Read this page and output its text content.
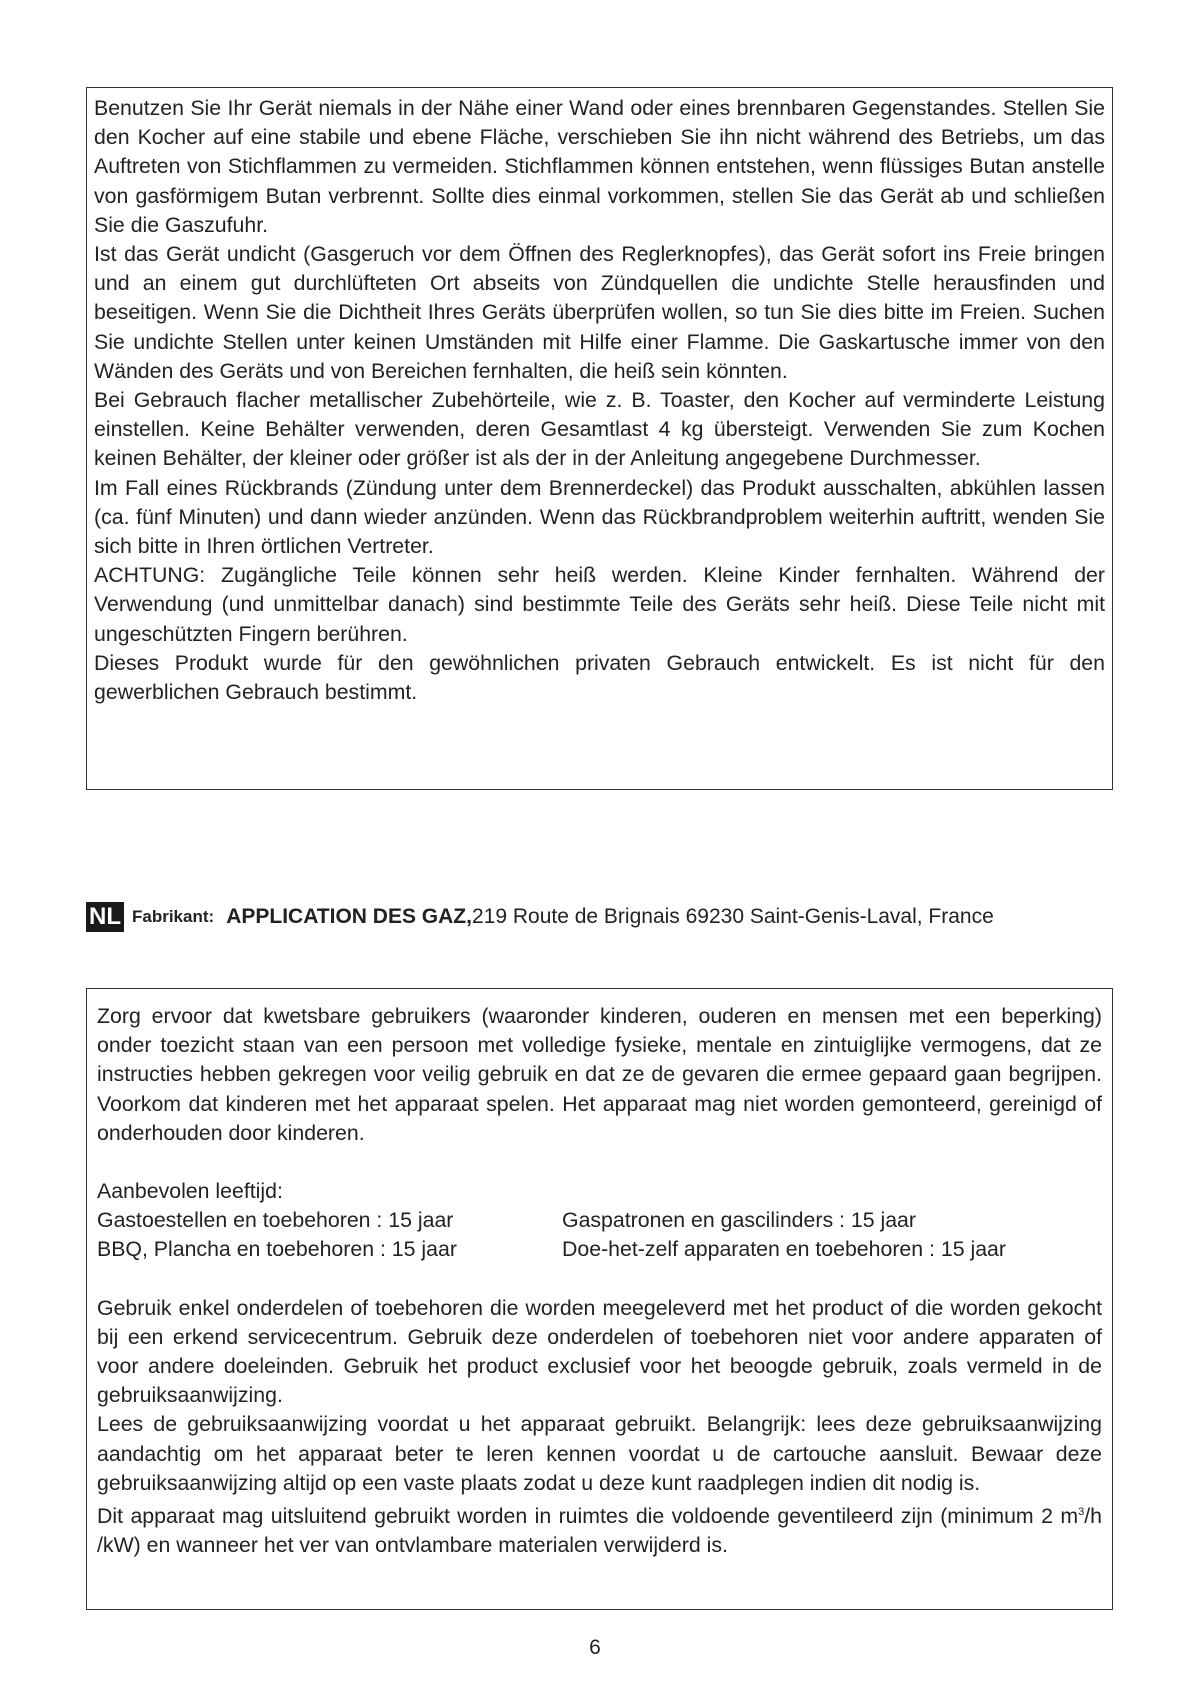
Benutzen Sie Ihr Gerät niemals in der Nähe einer Wand oder eines brennbaren Gegenstandes. Stellen Sie den Kocher auf eine stabile und ebene Fläche, verschieben Sie ihn nicht während des Betriebs, um das Auftreten von Stichflammen zu vermeiden. Stichflammen können entstehen, wenn flüssiges Butan anstelle von gasförmigem Butan verbrennt. Sollte dies einmal vorkommen, stellen Sie das Gerät ab und schließen Sie die Gaszufuhr.

Ist das Gerät undicht (Gasgeruch vor dem Öffnen des Reglerknopfes), das Gerät sofort ins Freie bringen und an einem gut durchlüfteten Ort abseits von Zündquellen die undichte Stelle herausfinden und beseitigen. Wenn Sie die Dichtheit Ihres Geräts überprüfen wollen, so tun Sie dies bitte im Freien. Suchen Sie undichte Stellen unter keinen Umständen mit Hilfe einer Flamme. Die Gaskartusche immer von den Wänden des Geräts und von Bereichen fernhalten, die heiß sein könnten.

Bei Gebrauch flacher metallischer Zubehörteile, wie z. B. Toaster, den Kocher auf verminderte Leistung einstellen. Keine Behälter verwenden, deren Gesamtlast 4 kg übersteigt. Verwenden Sie zum Kochen keinen Behälter, der kleiner oder größer ist als der in der Anleitung angegebene Durchmesser.

Im Fall eines Rückbrands (Zündung unter dem Brennerdeckel) das Produkt ausschalten, abkühlen lassen (ca. fünf Minuten) und dann wieder anzünden. Wenn das Rückbrandproblem weiterhin auftritt, wenden Sie sich bitte in Ihren örtlichen Vertreter.

ACHTUNG: Zugängliche Teile können sehr heiß werden. Kleine Kinder fernhalten. Während der Verwendung (und unmittelbar danach) sind bestimmte Teile des Geräts sehr heiß. Diese Teile nicht mit ungeschützten Fingern berühren.

Dieses Produkt wurde für den gewöhnlichen privaten Gebrauch entwickelt. Es ist nicht für den gewerblichen Gebrauch bestimmt.

NL Fabrikant: APPLICATION DES GAZ, 219 Route de Brignais 69230 Saint-Genis-Laval, France

Zorg ervoor dat kwetsbare gebruikers (waaronder kinderen, ouderen en mensen met een beperking) onder toezicht staan van een persoon met volledige fysieke, mentale en zintuiglijke vermogens, dat ze instructies hebben gekregen voor veilig gebruik en dat ze de gevaren die ermee gepaard gaan begrijpen. Voorkom dat kinderen met het apparaat spelen. Het apparaat mag niet worden gemonteerd, gereinigd of onderhouden door kinderen.

Aanbevolen leeftijd:
Gastoestellen en toebehoren : 15 jaar	Gaspatronen en gascilinders : 15 jaar
BBQ, Plancha en toebehoren : 15 jaar	Doe-het-zelf apparaten en toebehoren : 15 jaar

Gebruik enkel onderdelen of toebehoren die worden meegeleverd met het product of die worden gekocht bij een erkend servicecentrum. Gebruik deze onderdelen of toebehoren niet voor andere apparaten of voor andere doeleinden. Gebruik het product exclusief voor het beoogde gebruik, zoals vermeld in de gebruiksaanwijzing.

Lees de gebruiksaanwijzing voordat u het apparaat gebruikt. Belangrijk: lees deze gebruiksaanwijzing aandachtig om het apparaat beter te leren kennen voordat u de cartouche aansluit. Bewaar deze gebruiksaanwijzing altijd op een vaste plaats zodat u deze kunt raadplegen indien dit nodig is.

Dit apparaat mag uitsluitend gebruikt worden in ruimtes die voldoende geventileerd zijn (minimum 2 $m^3/h$ /kW) en wanneer het ver van ontvlambare materialen verwijderd is.

6
